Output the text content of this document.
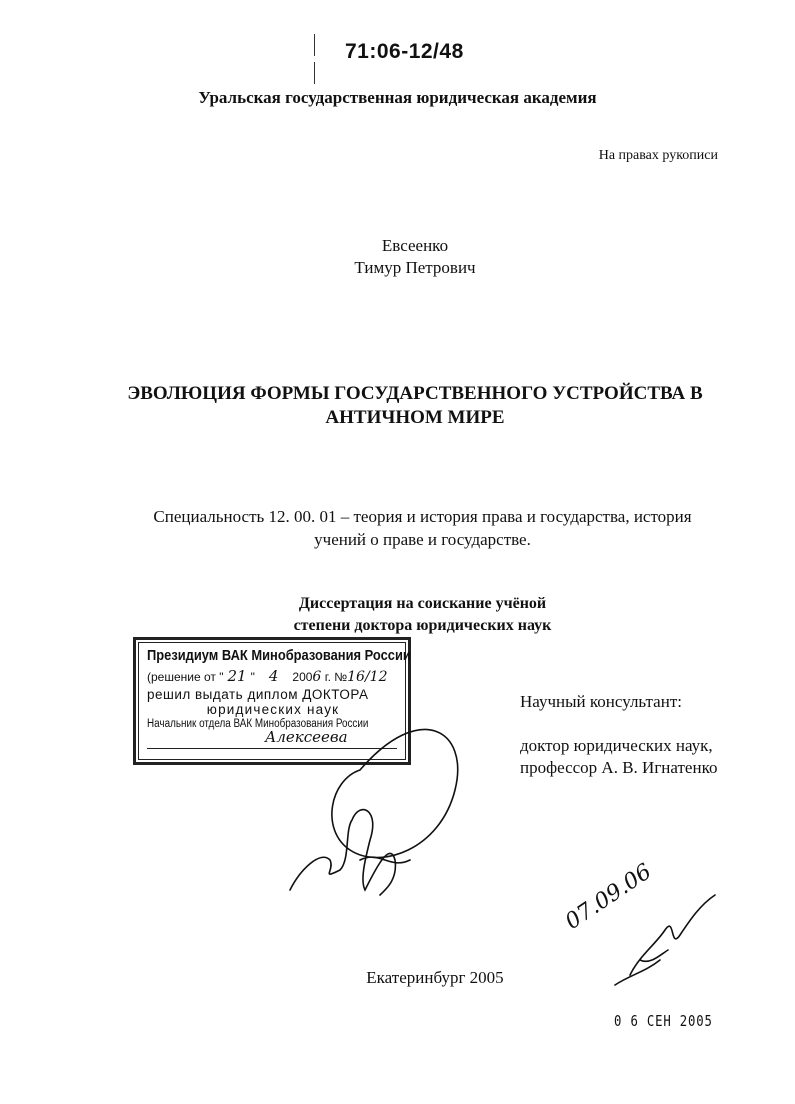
71:06-12/48
Уральская государственная юридическая академия
На правах рукописи
Евсеенко
Тимур Петрович
ЭВОЛЮЦИЯ ФОРМЫ ГОСУДАРСТВЕННОГО УСТРОЙСТВА В
АНТИЧНОМ МИРЕ
Специальность 12. 00. 01 – теория и история права и государства, история
учений о праве и государстве.
Диссертация на соискание учёной
степени доктора юридических наук
Президиум ВАК Минобразования России
(решение от " 21 " 4 2006 г. №16/12
решил выдать диплом ДОКТОРА
юридических наук
Начальник отдела ВАК Минобразования России
Алексеева
Научный консультант:
доктор юридических наук,
профессор А. В. Игнатенко
07.09.06
Екатеринбург 2005
0 6 СЕН 2005
